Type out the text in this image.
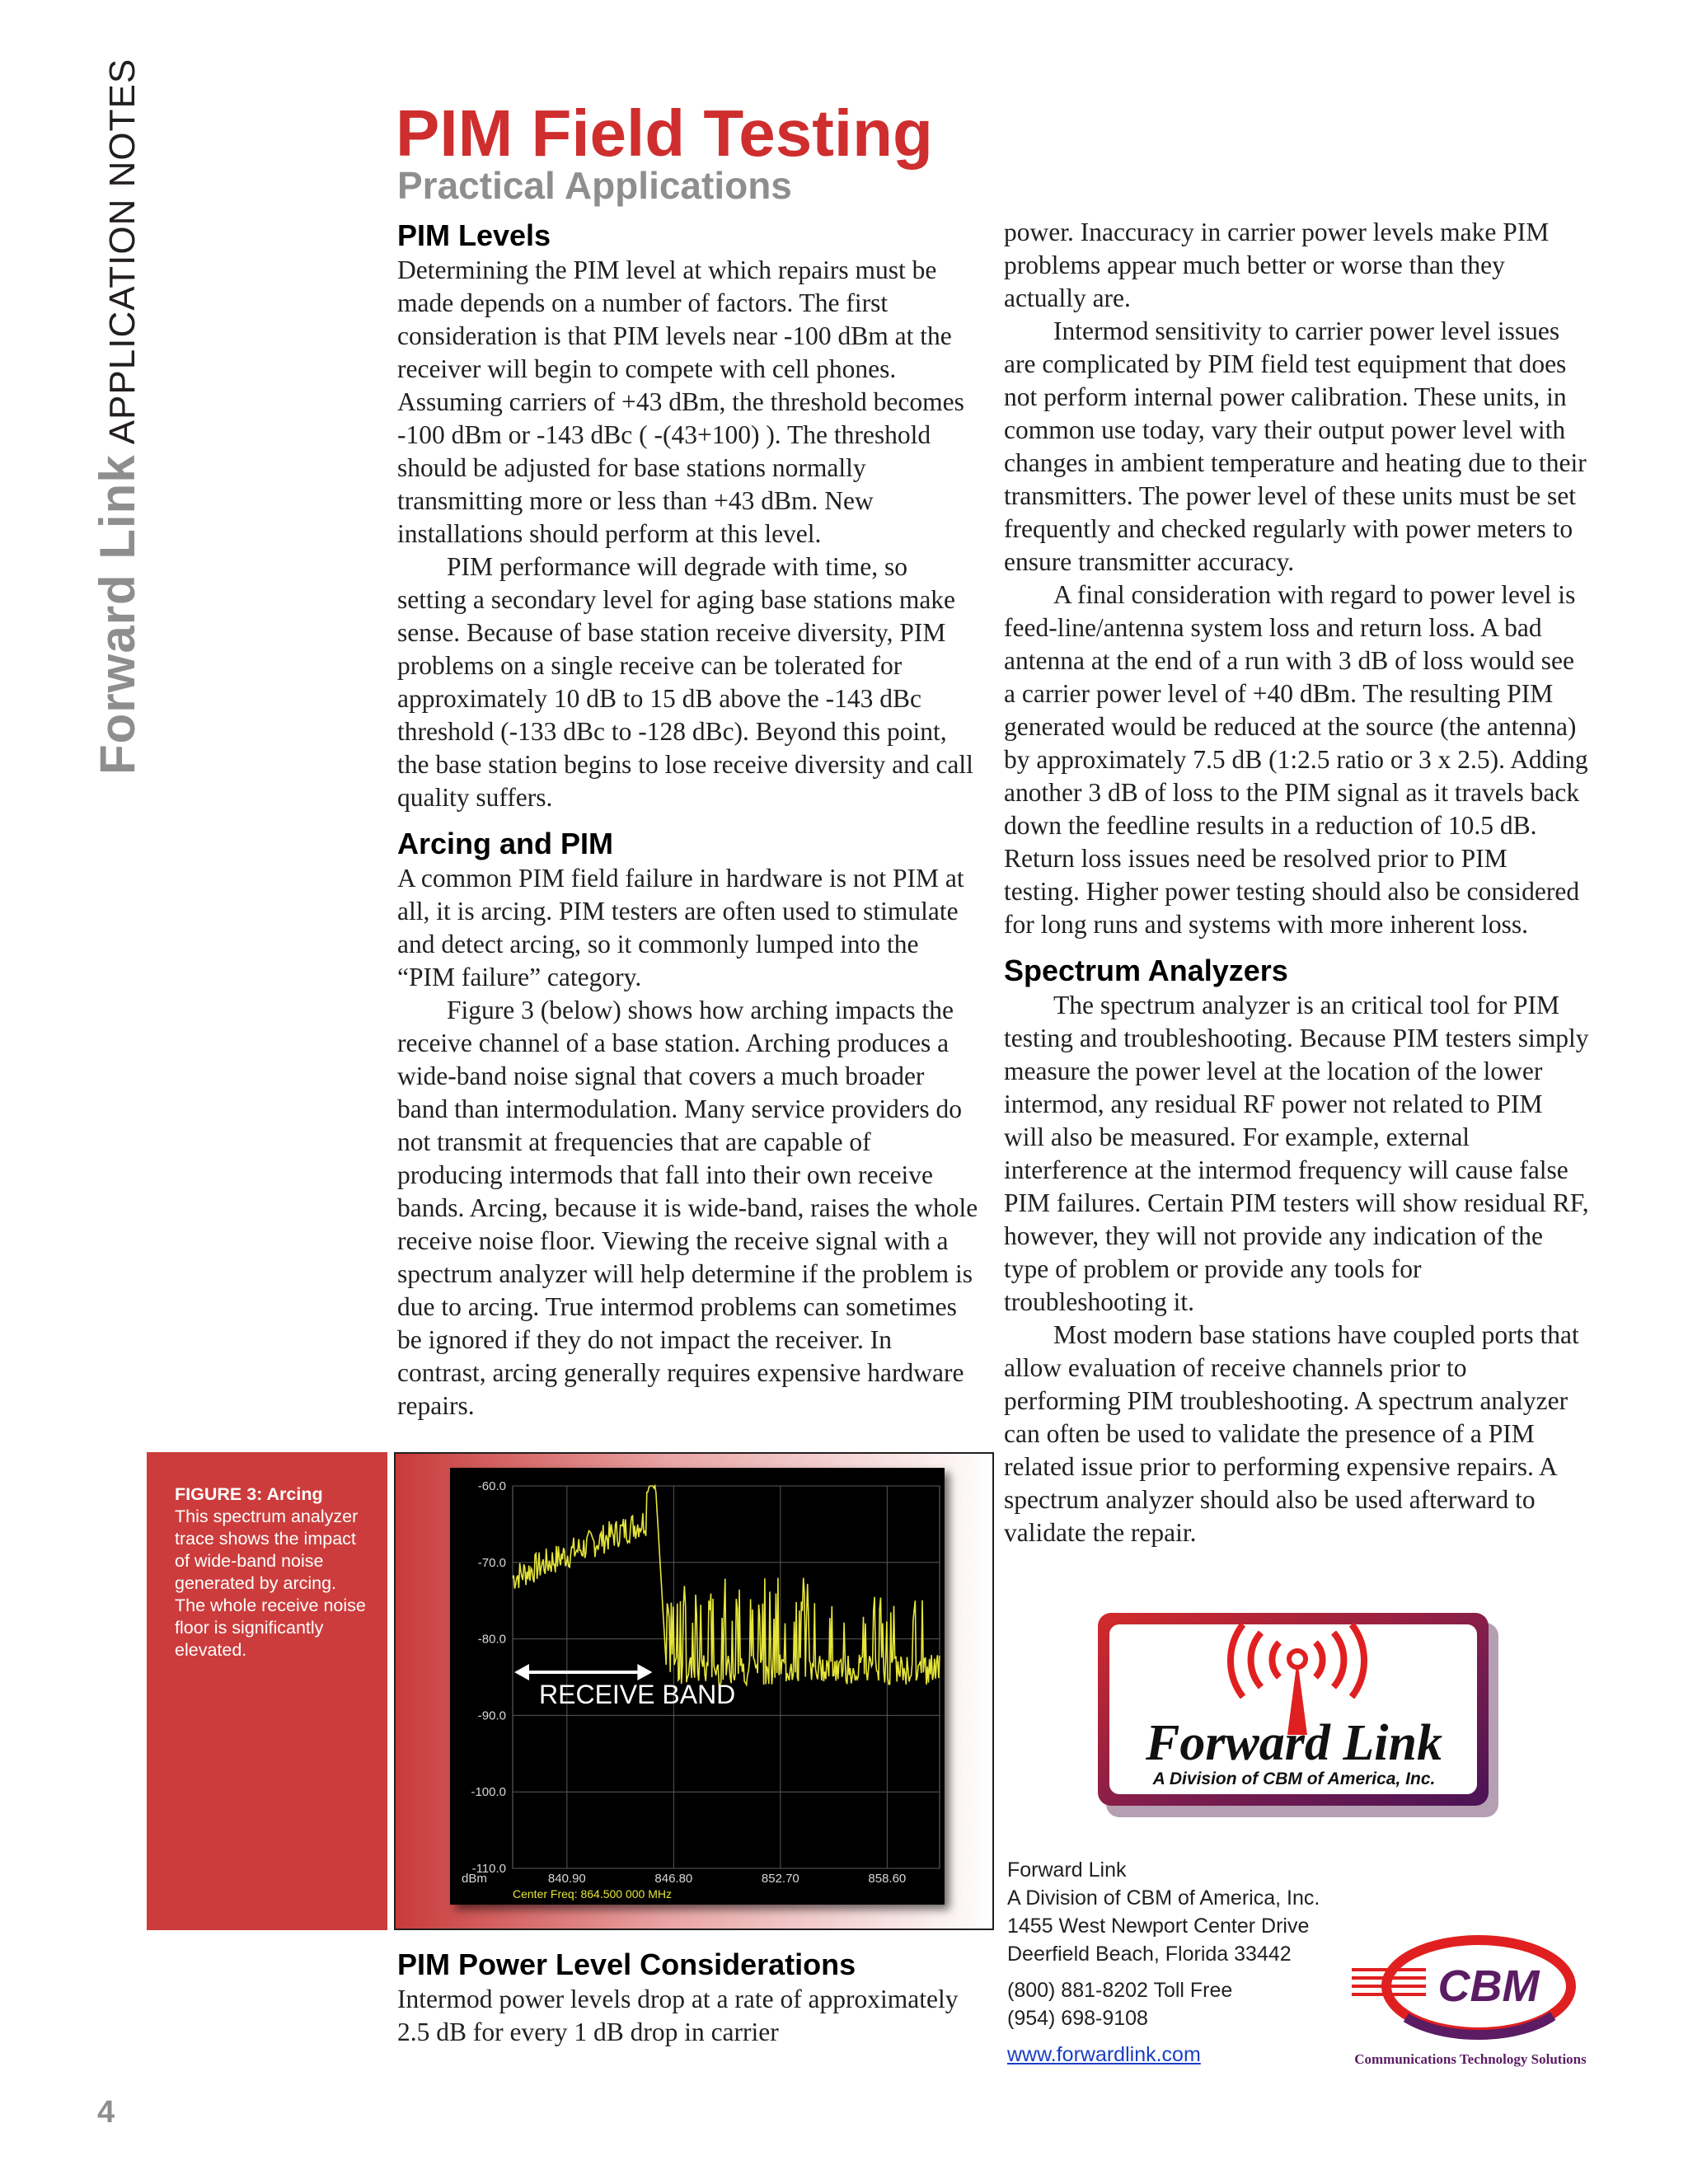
Forward LinkAPPLICATION NOTES	PIM Field Testing
Practical Applications
PIM Levels

Determining the PIM level at which repairs must be made depends on a number of factors. The first consideration is that PIM levels near -100 dBm at the receiver will begin to compete with cell phones. Assuming carriers of +43 dBm, the threshold becomes -100 dBm or -143 dBc ( -(43+100) ). The threshold should be adjusted for base stations normally transmitting more or less than +43 dBm. New installations should perform at this level.

PIM performance will degrade with time, so setting a secondary level for aging base stations make sense. Because of base station receive diversity, PIM problems on a single receive can be tolerated for approximately 10 dB to 15 dB above the -143 dBc threshold (-133 dBc to -128 dBc). Beyond this point, the base station begins to lose receive diversity and call quality suffers.

Arcing and PIM

A common PIM field failure in hardware is not PIM at all, it is arcing. PIM testers are often used to stimulate and detect arcing, so it commonly lumped into the “PIM failure” category.

Figure 3 (below) shows how arching impacts the receive channel of a base station. Arching produces a wide-band noise signal that covers a much broader band than intermodulation. Many service providers do not transmit at frequencies that are capable of producing intermods that fall into their own receive bands. Arcing, because it is wide-band, raises the whole receive noise floor. Viewing the receive signal with a spectrum analyzer will help determine if the problem is due to arcing. True intermod problems can sometimes be ignored if they do not impact the receiver. In contrast, arcing generally requires expensive hardware repairs.

PIM Power Level Considerations

Intermod power levels drop at a rate of approximately 2.5 dB for every 1 dB drop in carrier

power. Inaccuracy in carrier power levels make PIM problems appear much better or worse than they actually are.

Intermod sensitivity to carrier power level issues are complicated by PIM field test equipment that does not perform internal power calibration. These units, in common use today, vary their output power level with changes in ambient temperature and heating due to their transmitters. The power level of these units must be set frequently and checked regularly with power meters to ensure transmitter accuracy.

A final consideration with regard to power level is feed-line/antenna system loss and return loss. A bad antenna at the end of a run with 3 dB of loss would see a carrier power level of +40 dBm. The resulting PIM generated would be reduced at the source (the antenna) by approximately 7.5 dB (1:2.5 ratio or 3 x 2.5). Adding another 3 dB of loss to the PIM signal as it travels back down the feedline results in a reduction of 10.5 dB. Return loss issues need be resolved prior to PIM testing. Higher power testing should also be considered for long runs and systems with more inherent loss.

Spectrum Analyzers

The spectrum analyzer is an critical tool for PIM testing and troubleshooting. Because PIM testers simply measure the power level at the location of the lower intermod, any residual RF power not related to PIM will also be measured. For example, external interference at the intermod frequency will cause false PIM failures. Certain PIM testers will show residual RF, however, they will not provide any indication of the type of problem or provide any tools for troubleshooting it.

Most modern base stations have coupled ports that allow evaluation of receive channels prior to performing PIM troubleshooting. A spectrum analyzer can often be used to validate the presence of a PIM related issue prior to performing expensive repairs. A spectrum analyzer should also be used afterward to validate the repair.

FIGURE 3: Arcing
This spectrum analyzer trace shows the impact of wide-band noise generated by arcing. The whole receive noise floor is significantly elevated.
-60.0
-70.0
-80.0
-90.0
-100.0
-110.0
dBm	840.90	846.80	852.70	858.60
Center Freq: 864.500 000 MHz
RECEIVE BAND
Forward Link
A Division of CBM of America, Inc.
Forward Link
A Division of CBM of America, Inc.
1455 West Newport Center Drive
Deerfield Beach, Florida 33442
(800) 881-8202 Toll Free
(954) 698-9108
www.forwardlink.com
CBM
Communications Technology Solutions
4
